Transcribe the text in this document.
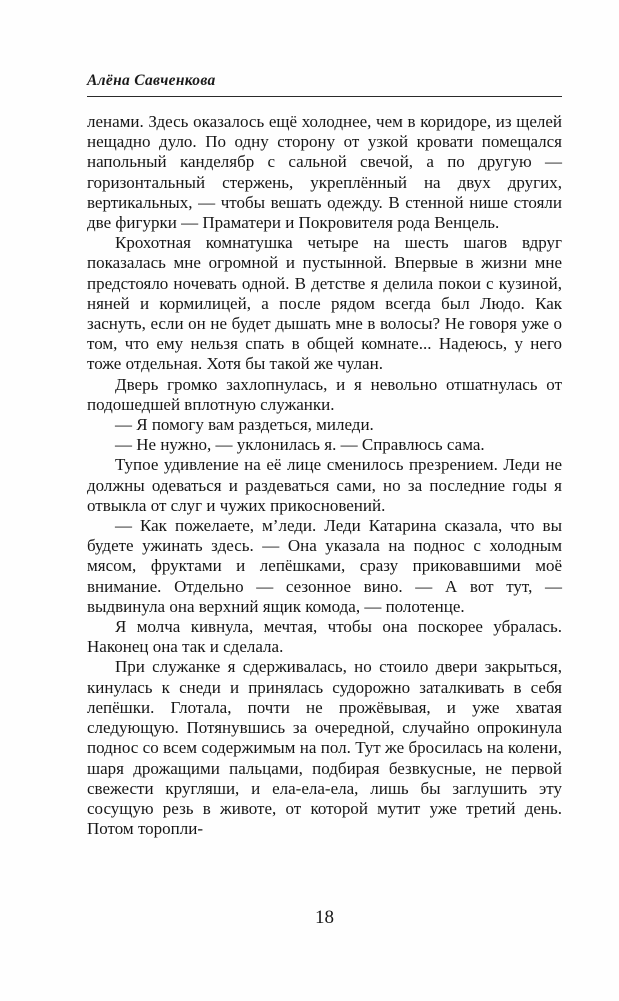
Алёна Савченкова

ленами. Здесь оказалось ещё холоднее, чем в коридоре, из щелей нещадно дуло. По одну сторону от узкой кровати помещался напольный канделябр с сальной свечой, а по другую — горизонтальный стержень, укреплённый на двух других, вертикальных, — чтобы вешать одежду. В стенной нише стояли две фигурки — Праматери и Покровителя рода Венцель.

Крохотная комнатушка четыре на шесть шагов вдруг показалась мне огромной и пустынной. Впервые в жизни мне предстояло ночевать одной. В детстве я делила покои с кузиной, няней и кормилицей, а после рядом всегда был Людо. Как заснуть, если он не будет дышать мне в волосы? Не говоря уже о том, что ему нельзя спать в общей комнате... Надеюсь, у него тоже отдельная. Хотя бы такой же чулан.

Дверь громко захлопнулась, и я невольно отшатнулась от подошедшей вплотную служанки.

— Я помогу вам раздеться, миледи.

— Не нужно, — уклонилась я. — Справлюсь сама.

Тупое удивление на её лице сменилось презрением. Леди не должны одеваться и раздеваться сами, но за последние годы я отвыкла от слуг и чужих прикосновений.

— Как пожелаете, м’леди. Леди Катарина сказала, что вы будете ужинать здесь. — Она указала на поднос с холодным мясом, фруктами и лепёшками, сразу приковавшими моё внимание. Отдельно — сезонное вино. — А вот тут, — выдвинула она верхний ящик комода, — полотенце.

Я молча кивнула, мечтая, чтобы она поскорее убралась. Наконец она так и сделала.

При служанке я сдерживалась, но стоило двери закрыться, кинулась к снеди и принялась судорожно заталкивать в себя лепёшки. Глотала, почти не прожёвывая, и уже хватая следующую. Потянувшись за очередной, случайно опрокинула поднос со всем содержимым на пол. Тут же бросилась на колени, шаря дрожащими пальцами, подбирая безвкусные, не первой свежести кругляши, и ела-ела-ела, лишь бы заглушить эту сосущую резь в животе, от которой мутит уже третий день. Потом торопли-

18
